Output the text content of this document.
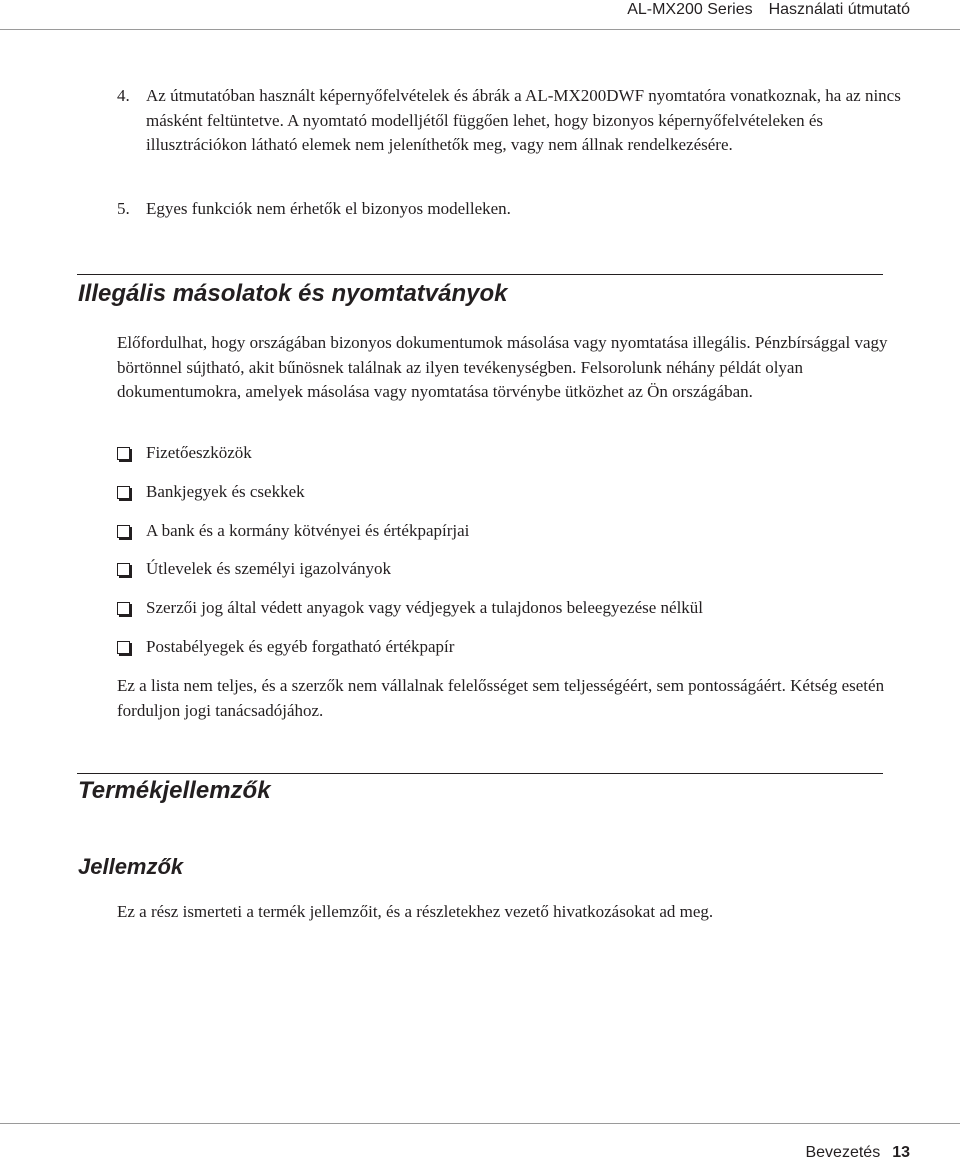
AL-MX200 Series Használati útmutató
4. Az útmutatóban használt képernyőfelvételek és ábrák a AL-MX200DWF nyomtatóra vonatkoznak, ha az nincs másként feltüntetve. A nyomtató modelljétől függően lehet, hogy bizonyos képernyőfelvételeken és illusztrációkon látható elemek nem jeleníthetők meg, vagy nem állnak rendelkezésére.
5. Egyes funkciók nem érhetők el bizonyos modelleken.
Illegális másolatok és nyomtatványok
Előfordulhat, hogy országában bizonyos dokumentumok másolása vagy nyomtatása illegális. Pénzbírsággal vagy börtönnel sújtható, akit bűnösnek találnak az ilyen tevékenységben. Felsorolunk néhány példát olyan dokumentumokra, amelyek másolása vagy nyomtatása törvénybe ütközhet az Ön országában.
Fizetőeszközök
Bankjegyek és csekkek
A bank és a kormány kötvényei és értékpapírjai
Útlevelek és személyi igazolványok
Szerzői jog által védett anyagok vagy védjegyek a tulajdonos beleegyezése nélkül
Postabélyegek és egyéb forgatható értékpapír
Ez a lista nem teljes, és a szerzők nem vállalnak felelősséget sem teljességéért, sem pontosságáért. Kétség esetén forduljon jogi tanácsadójához.
Termékjellemzők
Jellemzők
Ez a rész ismerteti a termék jellemzőit, és a részletekhez vezető hivatkozásokat ad meg.
Bevezetés 13
